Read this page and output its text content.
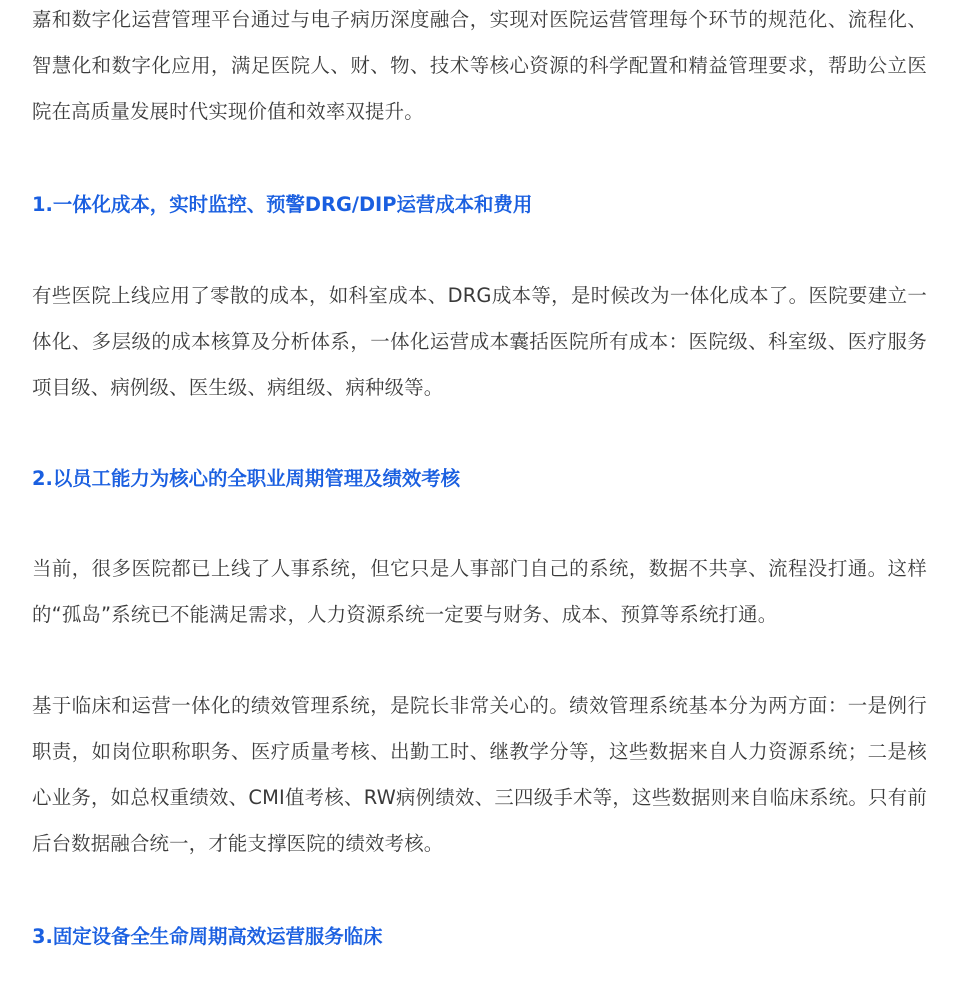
嘉和数字化运营管理平台通过与电子病历深度融合，实现对医院运营管理每个环节的规范化、流程化、智慧化和数字化应用，满足医院人、财、物、技术等核心资源的科学配置和精益管理要求，帮助公立医院在高质量发展时代实现价值和效率双提升。

1.一体化成本，实时监控、预警DRG/DIP运营成本和费用

有些医院上线应用了零散的成本，如科室成本、DRG成本等，是时候改为一体化成本了。医院要建立一体化、多层级的成本核算及分析体系，一体化运营成本囊括医院所有成本：医院级、科室级、医疗服务项目级、病例级、医生级、病组级、病种级等。

2.以员工能力为核心的全职业周期管理及绩效考核

当前，很多医院都已上线了人事系统，但它只是人事部门自己的系统，数据不共享、流程没打通。这样的“孤岛”系统已不能满足需求，人力资源系统一定要与财务、成本、预算等系统打通。

基于临床和运营一体化的绩效管理系统，是院长非常关心的。绩效管理系统基本分为两方面：一是例行职责，如岗位职称职务、医疗质量考核、出勤工时、继教学分等，这些数据来自人力资源系统；二是核心业务，如总权重绩效、CMI值考核、RW病例绩效、三四级手术等，这些数据则来自临床系统。只有前后台数据融合统一，才能支撑医院的绩效考核。

3.固定设备全生命周期高效运营服务临床
